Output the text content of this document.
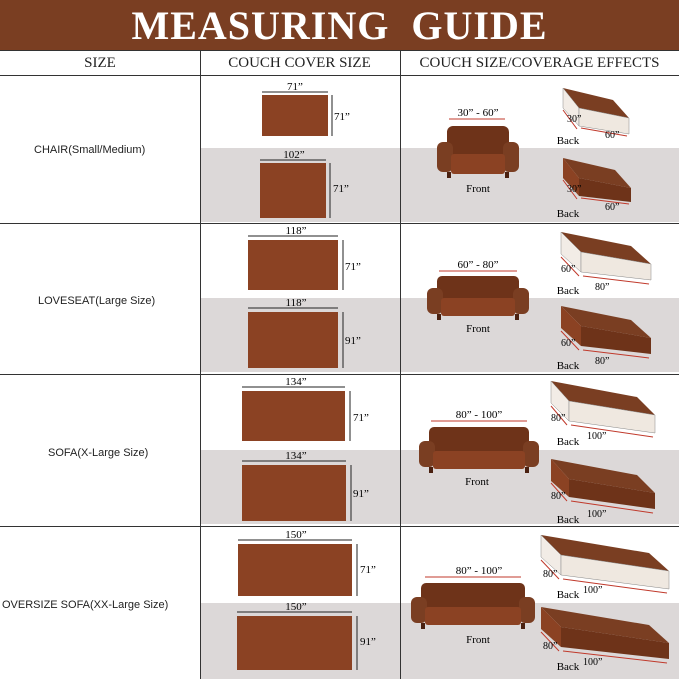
MEASURING  GUIDE
SIZE	COUCH COVER SIZE	COUCH SIZE/COVERAGE EFFECTS
CHAIR(Small/Medium)
LOVESEAT(Large Size)
SOFA(X-Large Size)
OVERSIZE SOFA(XX-Large Size)
71”
71”
102”
71”
30” - 60”
Front
30”
60”
Back
30”
60”
Back
118”
71”
118”
91”
60” - 80”
Front
60”
80”
Back
60”
80”
Back
134”
71”
134”
91”
80” - 100”
Front
80”
100”
Back
80”
100”
Back
150”
71”
150”
91”
80” - 100”
Front
80”
100”
Back
80”
100”
Back
